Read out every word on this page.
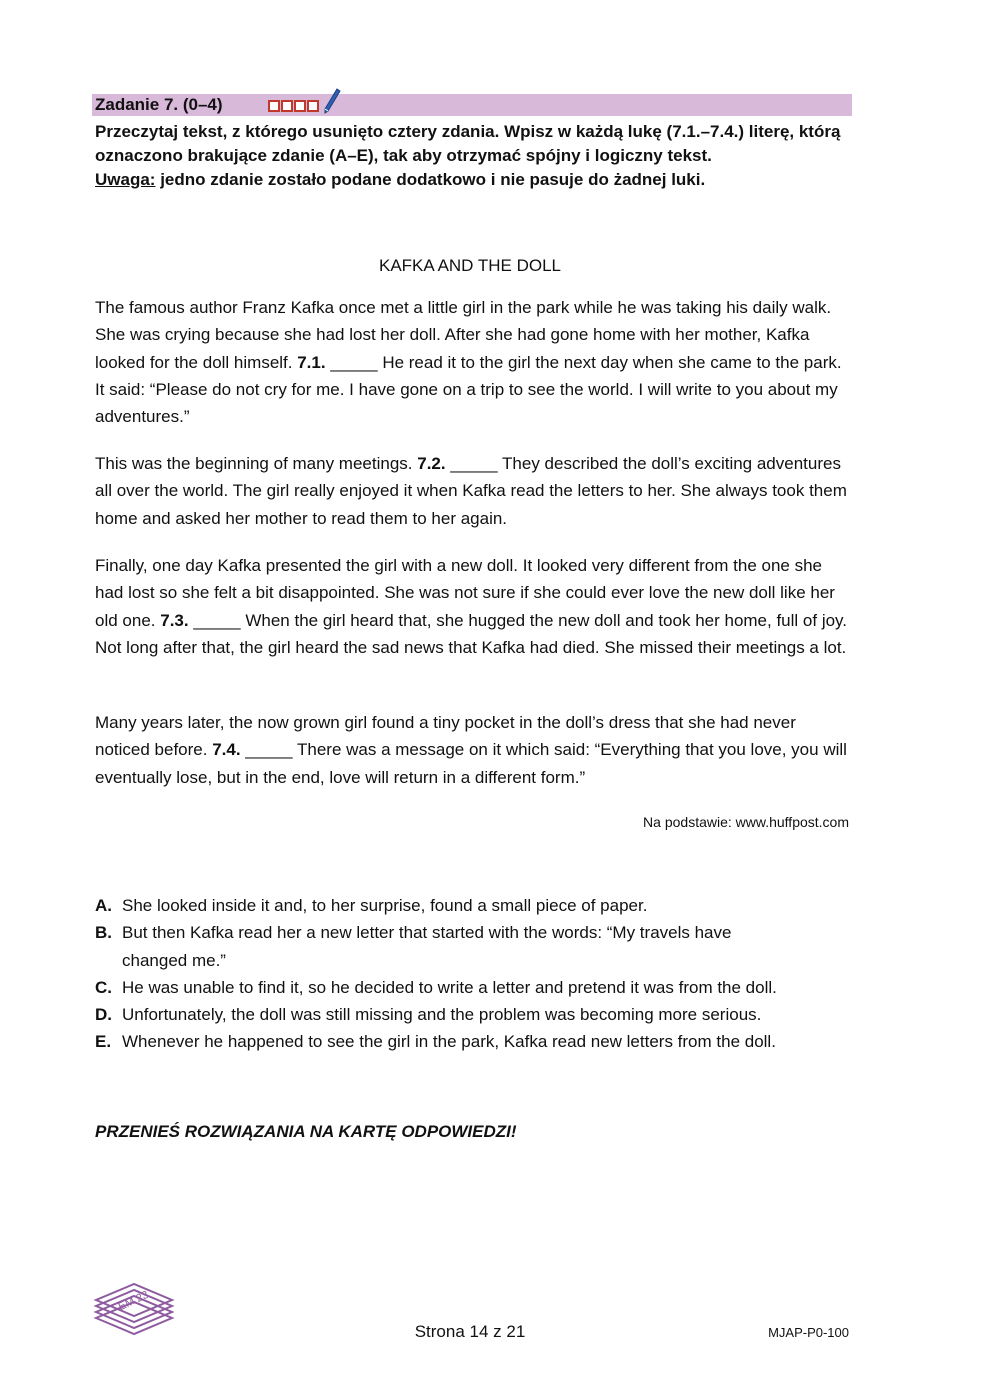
Zadanie 7. (0–4)
Przeczytaj tekst, z którego usunięto cztery zdania. Wpisz w każdą lukę (7.1.–7.4.) literę, którą oznaczono brakujące zdanie (A–E), tak aby otrzymać spójny i logiczny tekst.
Uwaga: jedno zdanie zostało podane dodatkowo i nie pasuje do żadnej luki.
KAFKA AND THE DOLL
The famous author Franz Kafka once met a little girl in the park while he was taking his daily walk. She was crying because she had lost her doll. After she had gone home with her mother, Kafka looked for the doll himself. 7.1. _____ He read it to the girl the next day when she came to the park. It said: “Please do not cry for me. I have gone on a trip to see the world. I will write to you about my adventures.”
This was the beginning of many meetings. 7.2. _____ They described the doll’s exciting adventures all over the world. The girl really enjoyed it when Kafka read the letters to her. She always took them home and asked her mother to read them to her again.
Finally, one day Kafka presented the girl with a new doll. It looked very different from the one she had lost so she felt a bit disappointed. She was not sure if she could ever love the new doll like her old one. 7.3. _____ When the girl heard that, she hugged the new doll and took her home, full of joy. Not long after that, the girl heard the sad news that Kafka had died. She missed their meetings a lot.
Many years later, the now grown girl found a tiny pocket in the doll’s dress that she had never noticed before. 7.4. _____ There was a message on it which said: “Everything that you love, you will eventually lose, but in the end, love will return in a different form.”
Na podstawie: www.huffpost.com
A. She looked inside it and, to her surprise, found a small piece of paper.
B. But then Kafka read her a new letter that started with the words: “My travels have changed me.”
C. He was unable to find it, so he decided to write a letter and pretend it was from the doll.
D. Unfortunately, the doll was still missing and the problem was becoming more serious.
E. Whenever he happened to see the girl in the park, Kafka read new letters from the doll.
PRZENIEŚ ROZWIĄZANIA NA KARTĘ ODPOWIEDZI!
EM 23
Strona 14 z 21	MJAP-P0-100
